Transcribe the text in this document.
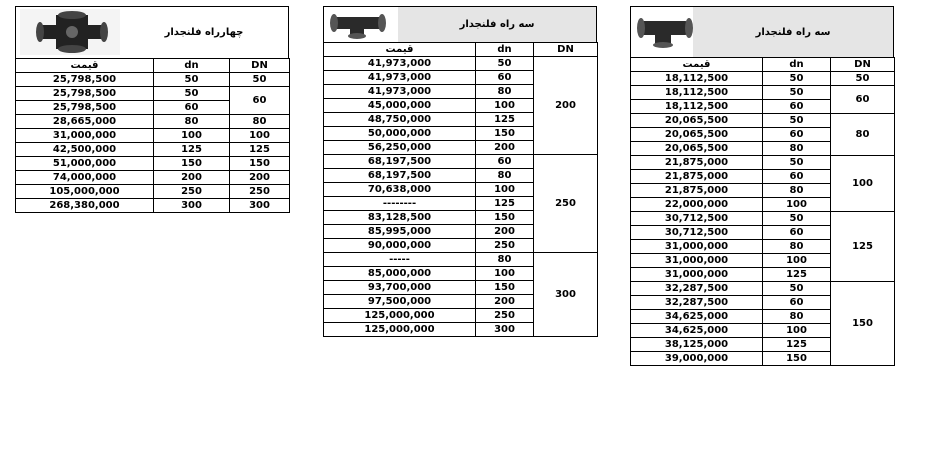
چهارراه فلنجدار
قیمت	dn	DN
25,798,500	50	50
25,798,500	50	60
25,798,500	60	
28,665,000	80	80
31,000,000	100	100
42,500,000	125	125
51,000,000	150	150
74,000,000	200	200
105,000,000	250	250
268,380,000	300	300
سه راه فلنجدار
قیمت	dn	DN
41,973,000	50	200
41,973,000	60	
41,973,000	80	
45,000,000	100	
48,750,000	125	
50,000,000	150	
56,250,000	200	
68,197,500	60	250
68,197,500	80	
70,638,000	100	
--------	125	
83,128,500	150	
85,995,000	200	
90,000,000	250	
-----	80	300
85,000,000	100	
93,700,000	150	
97,500,000	200	
125,000,000	250	
125,000,000	300	
سه راه فلنجدار
قیمت	dn	DN
18,112,500	50	50
18,112,500	50	60
18,112,500	60	
20,065,500	50	80
20,065,500	60	
20,065,500	80	
21,875,000	50	100
21,875,000	60	
21,875,000	80	
22,000,000	100	
30,712,500	50	125
30,712,500	60	
31,000,000	80	
31,000,000	100	
31,000,000	125	
32,287,500	50	150
32,287,500	60	
34,625,000	80	
34,625,000	100	
38,125,000	125	
39,000,000	150	
